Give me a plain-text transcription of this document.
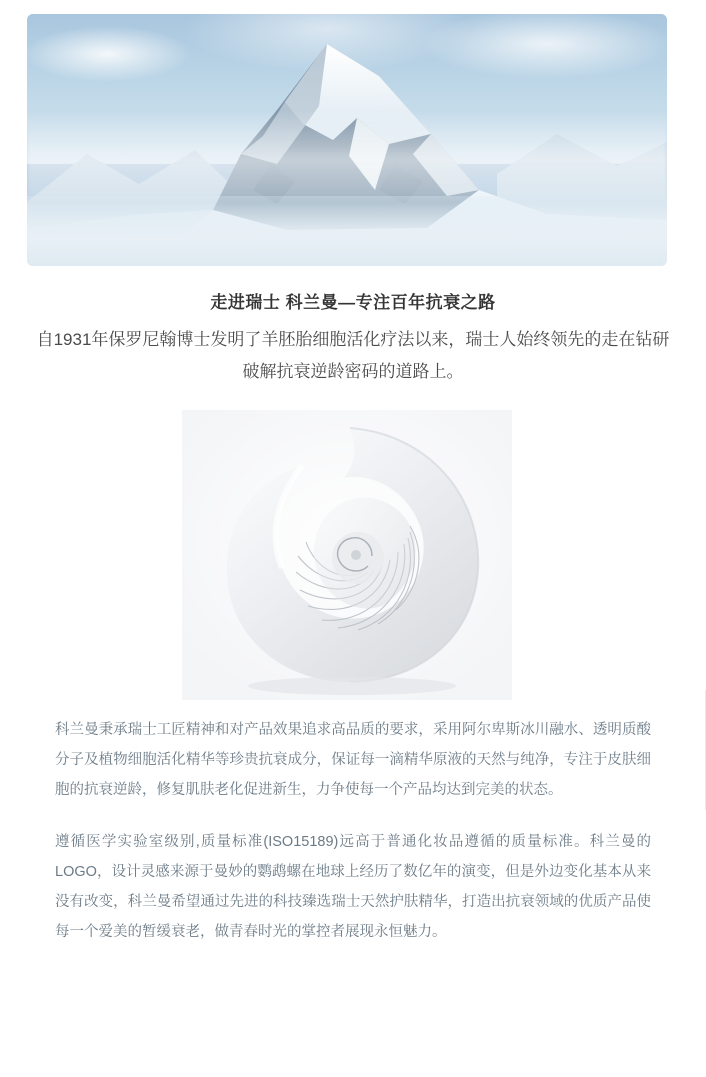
走进瑞士 科兰曼—专注百年抗衰之路
自1931年保罗尼翰博士发明了羊胚胎细胞活化疗法以来，瑞士人始终领先的走在钻研破解抗衰逆龄密码的道路上。

科兰曼秉承瑞士工匠精神和对产品效果追求高品质的要求，采用阿尔卑斯冰川融水、透明质酸分子及植物细胞活化精华等珍贵抗衰成分，保证每一滴精华原液的天然与纯净，专注于皮肤细胞的抗衰逆龄，修复肌肤老化促进新生，力争使每一个产品均达到完美的状态。

遵循医学实验室级别,质量标准(ISO15189)远高于普通化妆品遵循的质量标准。科兰曼的LOGO，设计灵感来源于曼妙的鹦鹉螺在地球上经历了数亿年的演变，但是外边变化基本从来没有改变，科兰曼希望通过先进的科技臻选瑞士天然护肤精华，打造出抗衰领域的优质产品使每一个爱美的暂缓衰老，做青春时光的掌控者展现永恒魅力。
